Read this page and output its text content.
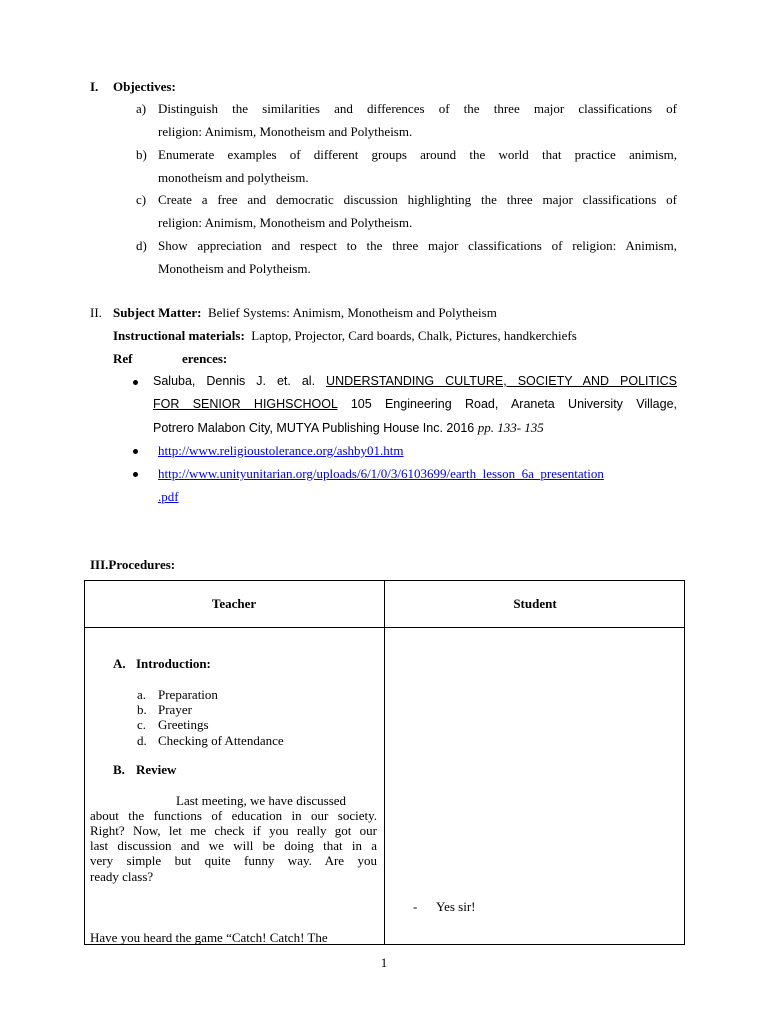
I. Objectives:
a) Distinguish the similarities and differences of the three major classifications of
religion: Animism, Monotheism and Polytheism.
b) Enumerate examples of different groups around the world that practice animism,
monotheism and polytheism.
c) Create a free and democratic discussion highlighting the three major classifications of
religion: Animism, Monotheism and Polytheism.
d) Show appreciation and respect to the three major classifications of religion: Animism,
Monotheism and Polytheism.
II. Subject Matter: Belief Systems: Animism, Monotheism and Polytheism
Instructional materials: Laptop, Projector, Card boards, Chalk, Pictures, handkerchiefs
Ref	erences:
Saluba, Dennis J. et. al. UNDERSTANDING CULTURE, SOCIETY AND POLITICS
FOR SENIOR HIGHSCHOOL 105 Engineering Road, Araneta University Village,
Potrero Malabon City, MUTYA Publishing House Inc. 2016 pp. 133- 135
http://www.religioustolerance.org/ashby01.htm
http://www.unityunitarian.org/uploads/6/1/0/3/6103699/earth_lesson_6a_presentation
.pdf
III.Procedures:
Teacher	Student
A. Introduction:
a. Preparation
b. Prayer
c. Greetings
d. Checking of Attendance
B. Review
Last meeting, we have discussed
about the functions of education in our society.
Right? Now, let me check if you really got our
last discussion and we will be doing that in a
very simple but quite funny way. Are you
ready class?
Have you heard the game “Catch! Catch! The
- Yes sir!
1
